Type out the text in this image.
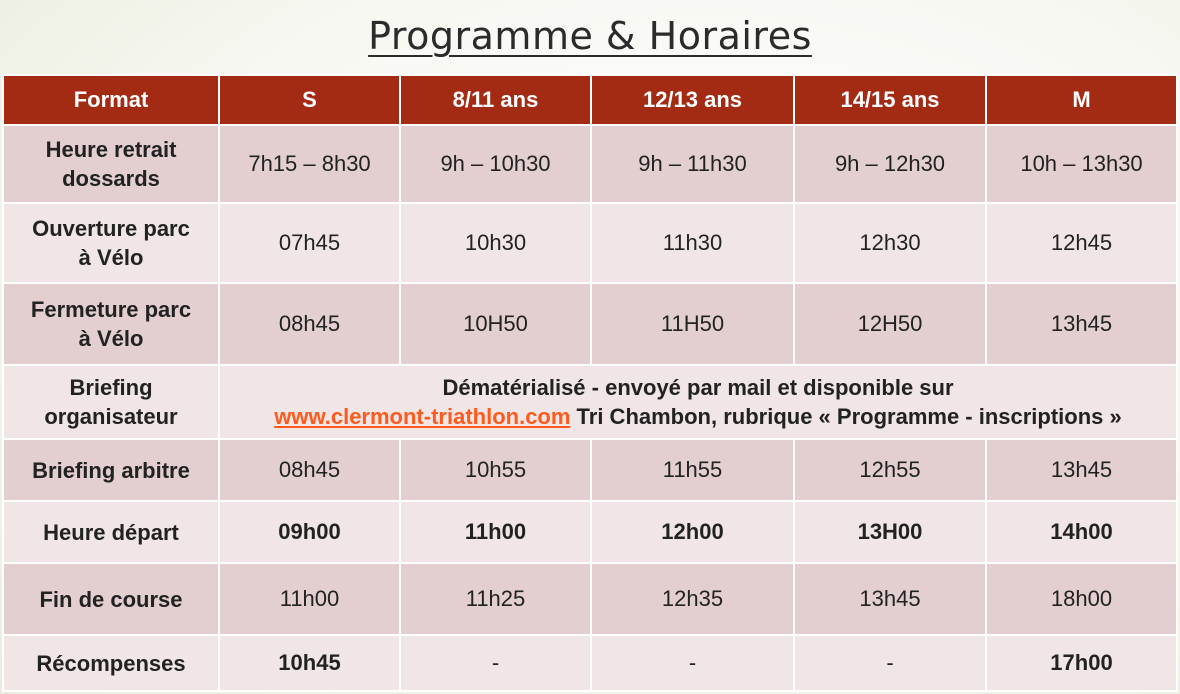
Programme & Horaires
Format	S	8/11 ans	12/13 ans	14/15 ans	M
Heure retrait
dossards	7h15 – 8h30	9h – 10h30	9h – 11h30	9h – 12h30	10h – 13h30
Ouverture parc
à Vélo	07h45	10h30	11h30	12h30	12h45
Fermeture parc
à Vélo	08h45	10H50	11H50	12H50	13h45
Briefing
organisateur	Dématérialisé - envoyé par mail et disponible sur
www.clermont-triathlon.com Tri Chambon, rubrique « Programme - inscriptions »				
Briefing arbitre	08h45	10h55	11h55	12h55	13h45
Heure départ	09h00	11h00	12h00	13H00	14h00
Fin de course	11h00	11h25	12h35	13h45	18h00
Récompenses	10h45	-	-	-	17h00
